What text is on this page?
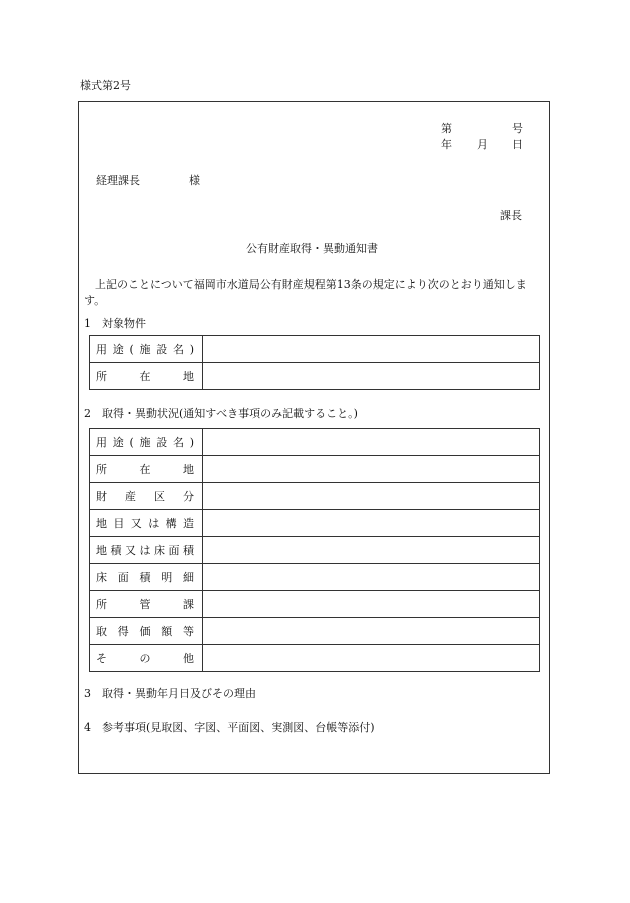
様式第2号
第	号
年 月 日
経理課長	様
課長
公有財産取得・異動通知書
上記のことについて福岡市水道局公有財産規程第13条の規定により次のとおり通知します。
1　対象物件
用途(施設名)	
所在地	
2　取得・異動状況(通知すべき事項のみ記載すること。)
用途(施設名)	
所在地	
財産区分	
地目又は構造	
地積又は床面積	
床面積明細	
所管課	
取得価額等	
その他	
3　取得・異動年月日及びその理由
4　参考事項(見取図、字図、平面図、実測図、台帳等添付)
